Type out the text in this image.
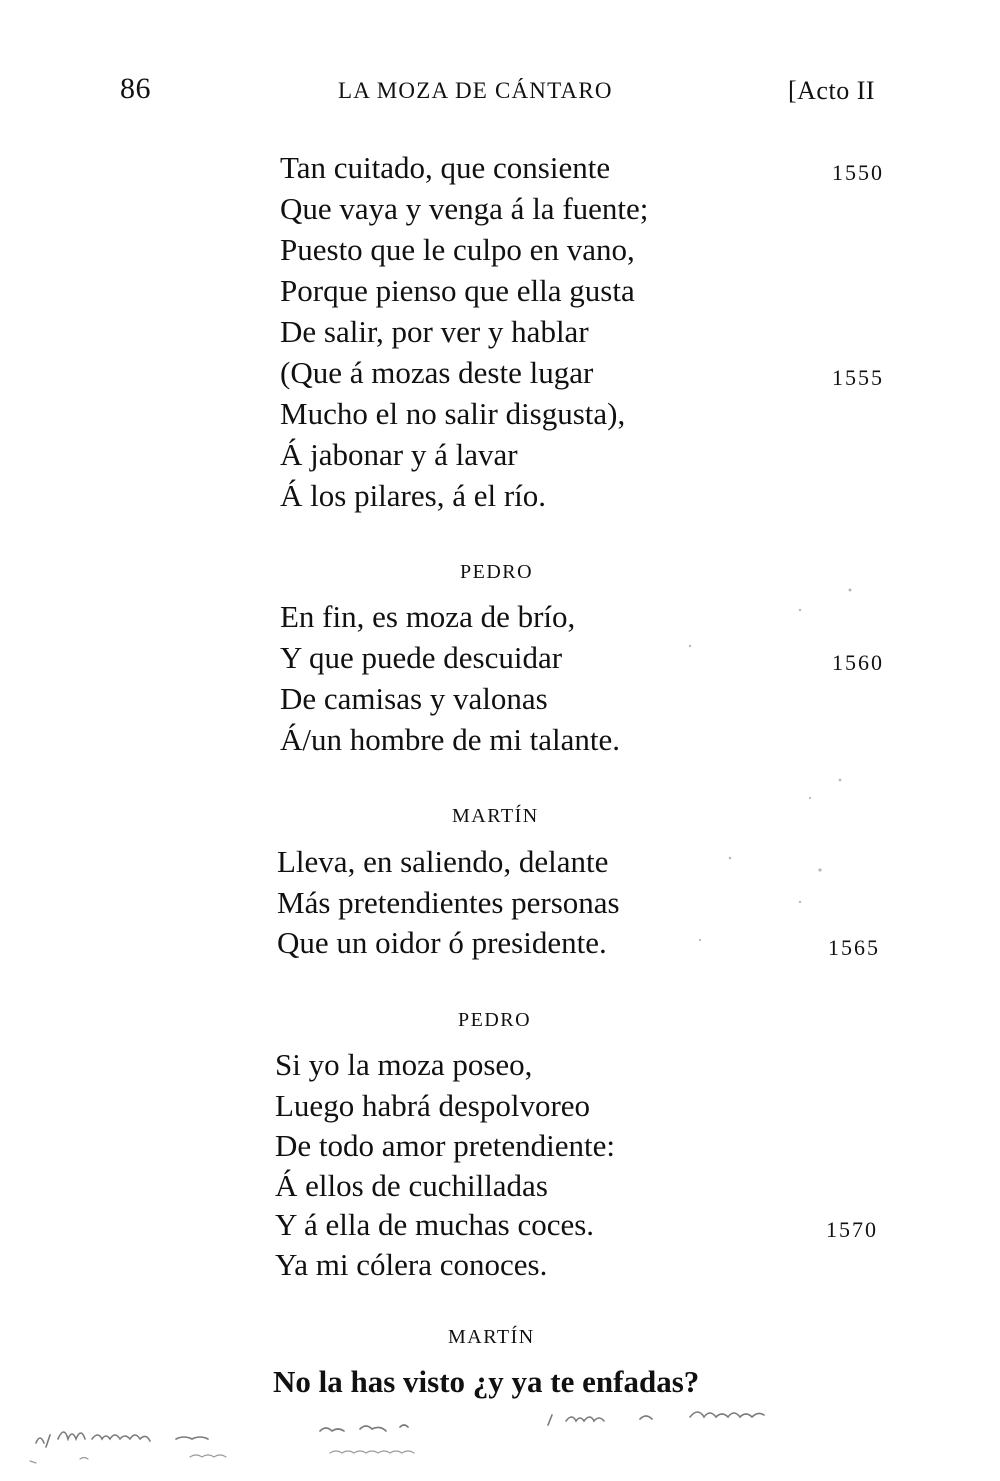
86	LA MOZA DE CÁNTARO	[Acto II
Tan cuitado, que consiente	1550
Que vaya y venga á la fuente;
Puesto que le culpo en vano,
Porque pienso que ella gusta
De salir, por ver y hablar
(Que á mozas deste lugar	1555
Mucho el no salir disgusta),
Á jabonar y á lavar
Á los pilares, á el río.
PEDRO
En fin, es moza de brío,
Y que puede descuidar	1560
De camisas y valonas
Á/un hombre de mi talante.
MARTÍN
Lleva, en saliendo, delante
Más pretendientes personas
Que un oidor ó presidente.	1565
PEDRO
Si yo la moza poseo,
Luego habrá despolvoreo
De todo amor pretendiente:
Á ellos de cuchilladas
Y á ella de muchas coces.	1570
Ya mi cólera conoces.
MARTÍN
No la has visto ¿y ya te enfadas?
